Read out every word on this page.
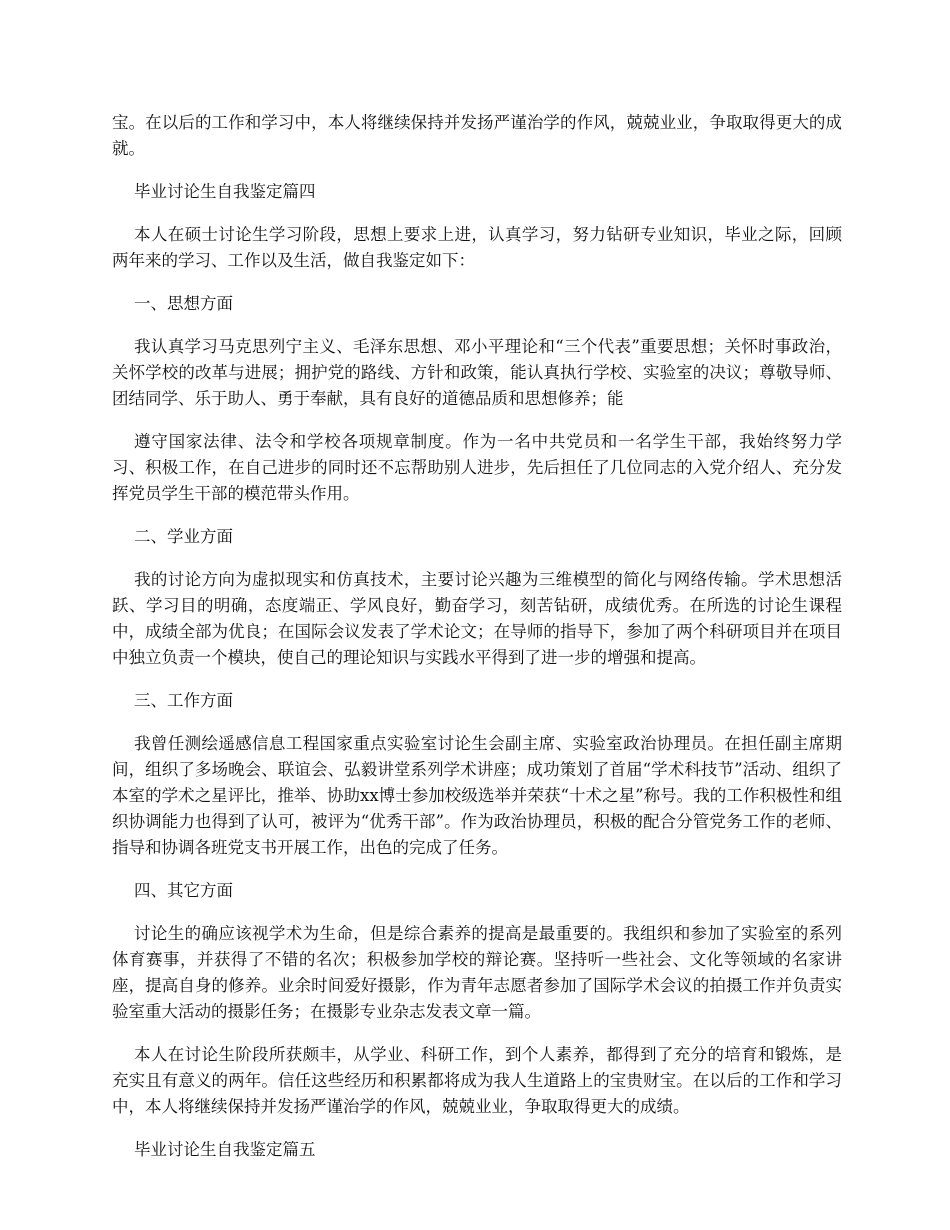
宝。在以后的工作和学习中，本人将继续保持并发扬严谨治学的作风，兢兢业业，争取取得更大的成就。

毕业讨论生自我鉴定篇四

本人在硕士讨论生学习阶段，思想上要求上进，认真学习，努力钻研专业知识，毕业之际，回顾两年来的学习、工作以及生活，做自我鉴定如下：

一、思想方面

我认真学习马克思列宁主义、毛泽东思想、邓小平理论和“三个代表”重要思想；关怀时事政治，关怀学校的改革与进展；拥护党的路线、方针和政策，能认真执行学校、实验室的决议；尊敬导师、团结同学、乐于助人、勇于奉献，具有良好的道德品质和思想修养；能

遵守国家法律、法令和学校各项规章制度。作为一名中共党员和一名学生干部，我始终努力学习、积极工作，在自己进步的同时还不忘帮助别人进步，先后担任了几位同志的入党介绍人、充分发挥党员学生干部的模范带头作用。

二、学业方面

我的讨论方向为虚拟现实和仿真技术，主要讨论兴趣为三维模型的简化与网络传输。学术思想活跃、学习目的明确，态度端正、学风良好，勤奋学习，刻苦钻研，成绩优秀。在所选的讨论生课程中，成绩全部为优良；在国际会议发表了学术论文；在导师的指导下，参加了两个科研项目并在项目中独立负责一个模块，使自己的理论知识与实践水平得到了进一步的增强和提高。

三、工作方面

我曾任测绘遥感信息工程国家重点实验室讨论生会副主席、实验室政治协理员。在担任副主席期间，组织了多场晚会、联谊会、弘毅讲堂系列学术讲座；成功策划了首届“学术科技节”活动、组织了本室的学术之星评比，推举、协助xx博士参加校级选举并荣获“十术之星”称号。我的工作积极性和组织协调能力也得到了认可，被评为“优秀干部”。作为政治协理员，积极的配合分管党务工作的老师、指导和协调各班党支书开展工作，出色的完成了任务。

四、其它方面

讨论生的确应该视学术为生命，但是综合素养的提高是最重要的。我组织和参加了实验室的系列体育赛事，并获得了不错的名次；积极参加学校的辩论赛。坚持听一些社会、文化等领域的名家讲座，提高自身的修养。业余时间爱好摄影，作为青年志愿者参加了国际学术会议的拍摄工作并负责实验室重大活动的摄影任务；在摄影专业杂志发表文章一篇。

本人在讨论生阶段所获颇丰，从学业、科研工作，到个人素养，都得到了充分的培育和锻炼，是充实且有意义的两年。信任这些经历和积累都将成为我人生道路上的宝贵财宝。在以后的工作和学习中，本人将继续保持并发扬严谨治学的作风，兢兢业业，争取取得更大的成绩。

毕业讨论生自我鉴定篇五
